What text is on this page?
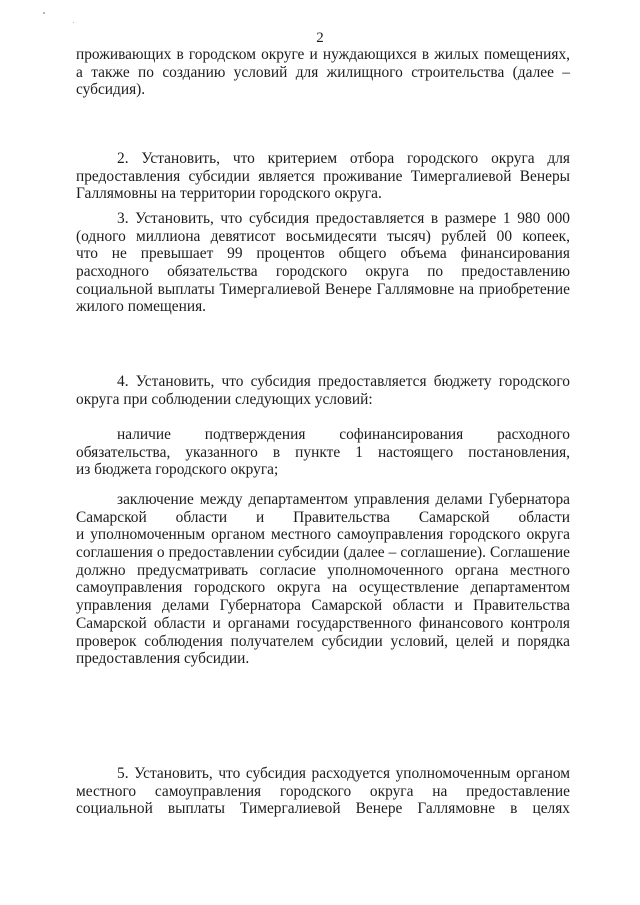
2
проживающих в городском округе и нуждающихся в жилых помещениях,
а также по созданию условий для жилищного строительства (далее –
субсидия).
2. Установить, что критерием отбора городского округа для
предоставления субсидии является проживание Тимергалиевой Венеры
Галлямовны на территории городского округа.
3. Установить, что субсидия предоставляется в размере 1 980 000
(одного миллиона девятисот восьмидесяти тысяч) рублей 00 копеек,
что не превышает 99 процентов общего объема финансирования
расходного обязательства городского округа по предоставлению
социальной выплаты Тимергалиевой Венере Галлямовне на приобретение
жилого помещения.
4. Установить, что субсидия предоставляется бюджету городского
округа при соблюдении следующих условий:
наличие подтверждения софинансирования расходного
обязательства, указанного в пункте 1 настоящего постановления,
из бюджета городского округа;
заключение между департаментом управления делами Губернатора
Самарской области и Правительства Самарской области
и уполномоченным органом местного самоуправления городского округа
соглашения о предоставлении субсидии (далее – соглашение). Соглашение
должно предусматривать согласие уполномоченного органа местного
самоуправления городского округа на осуществление департаментом
управления делами Губернатора Самарской области и Правительства
Самарской области и органами государственного финансового контроля
проверок соблюдения получателем субсидии условий, целей и порядка
предоставления субсидии.
5. Установить, что субсидия расходуется уполномоченным органом
местного самоуправления городского округа на предоставление
социальной выплаты Тимергалиевой Венере Галлямовне в целях
